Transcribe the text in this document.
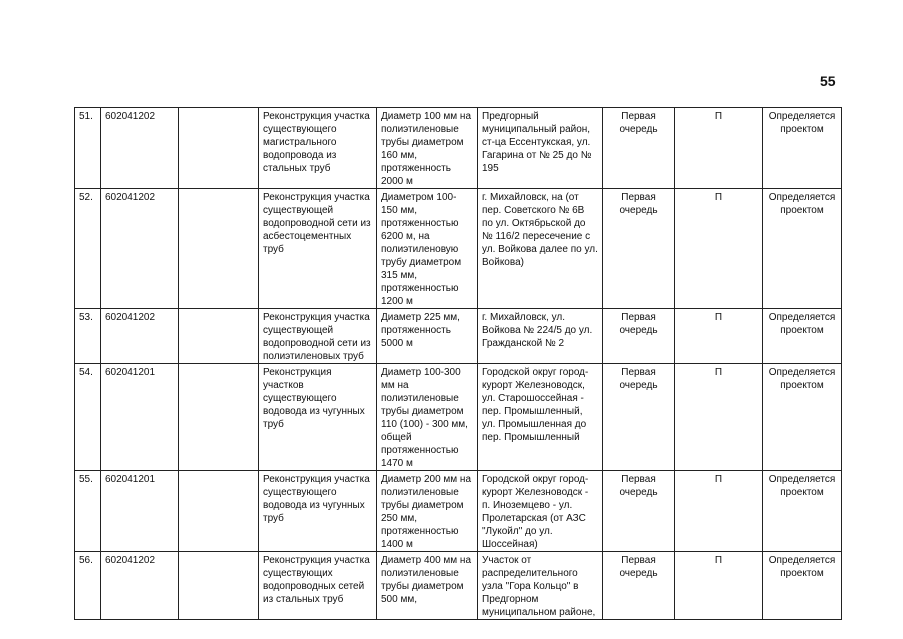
55
51.	602041202		Реконструкция участка существующего магистрального водопровода из стальных труб	Диаметр 100 мм на полиэтиленовые трубы диаметром 160 мм, протяженность 2000 м	Предгорный муниципальный район, ст-ца Ессентукская, ул. Гагарина от № 25 до № 195	Первая очередь	П	Определяется проектом
52.	602041202		Реконструкция участка существующей водопроводной сети из асбестоцементных труб	Диаметром 100-150 мм, протяженностью 6200 м, на полиэтиленовую трубу диаметром 315 мм, протяженностью 1200 м	г. Михайловск, на (от пер. Советского № 6В по ул. Октябрьской до № 116/2 пересечение с ул. Войкова далее по ул. Войкова)	Первая очередь	П	Определяется проектом
53.	602041202		Реконструкция участка существующей водопроводной сети из полиэтиленовых труб	Диаметр 225 мм, протяженность 5000 м	г. Михайловск, ул. Войкова № 224/5 до ул. Гражданской № 2	Первая очередь	П	Определяется проектом
54.	602041201		Реконструкция участков существующего водовода из чугунных труб	Диаметр 100-300 мм на полиэтиленовые трубы диаметром 110 (100) - 300 мм, общей протяженностью 1470 м	Городской округ город-курорт Железноводск, ул. Старошоссейная - пер. Промышленный, ул. Промышленная до пер. Промышленный	Первая очередь	П	Определяется проектом
55.	602041201		Реконструкция участка существующего водовода из чугунных труб	Диаметр 200 мм на полиэтиленовые трубы диаметром 250 мм, протяженностью 1400 м	Городской округ город-курорт Железноводск - п. Иноземцево - ул. Пролетарская (от АЗС "Лукойл" до ул. Шоссейная)	Первая очередь	П	Определяется проектом
56.	602041202		Реконструкция участка существующих водопроводных сетей из стальных труб	Диаметр 400 мм на полиэтиленовые трубы диаметром 500 мм,	Участок от распределительного узла "Гора Кольцо" в Предгорном муниципальном районе,	Первая очередь	П	Определяется проектом
